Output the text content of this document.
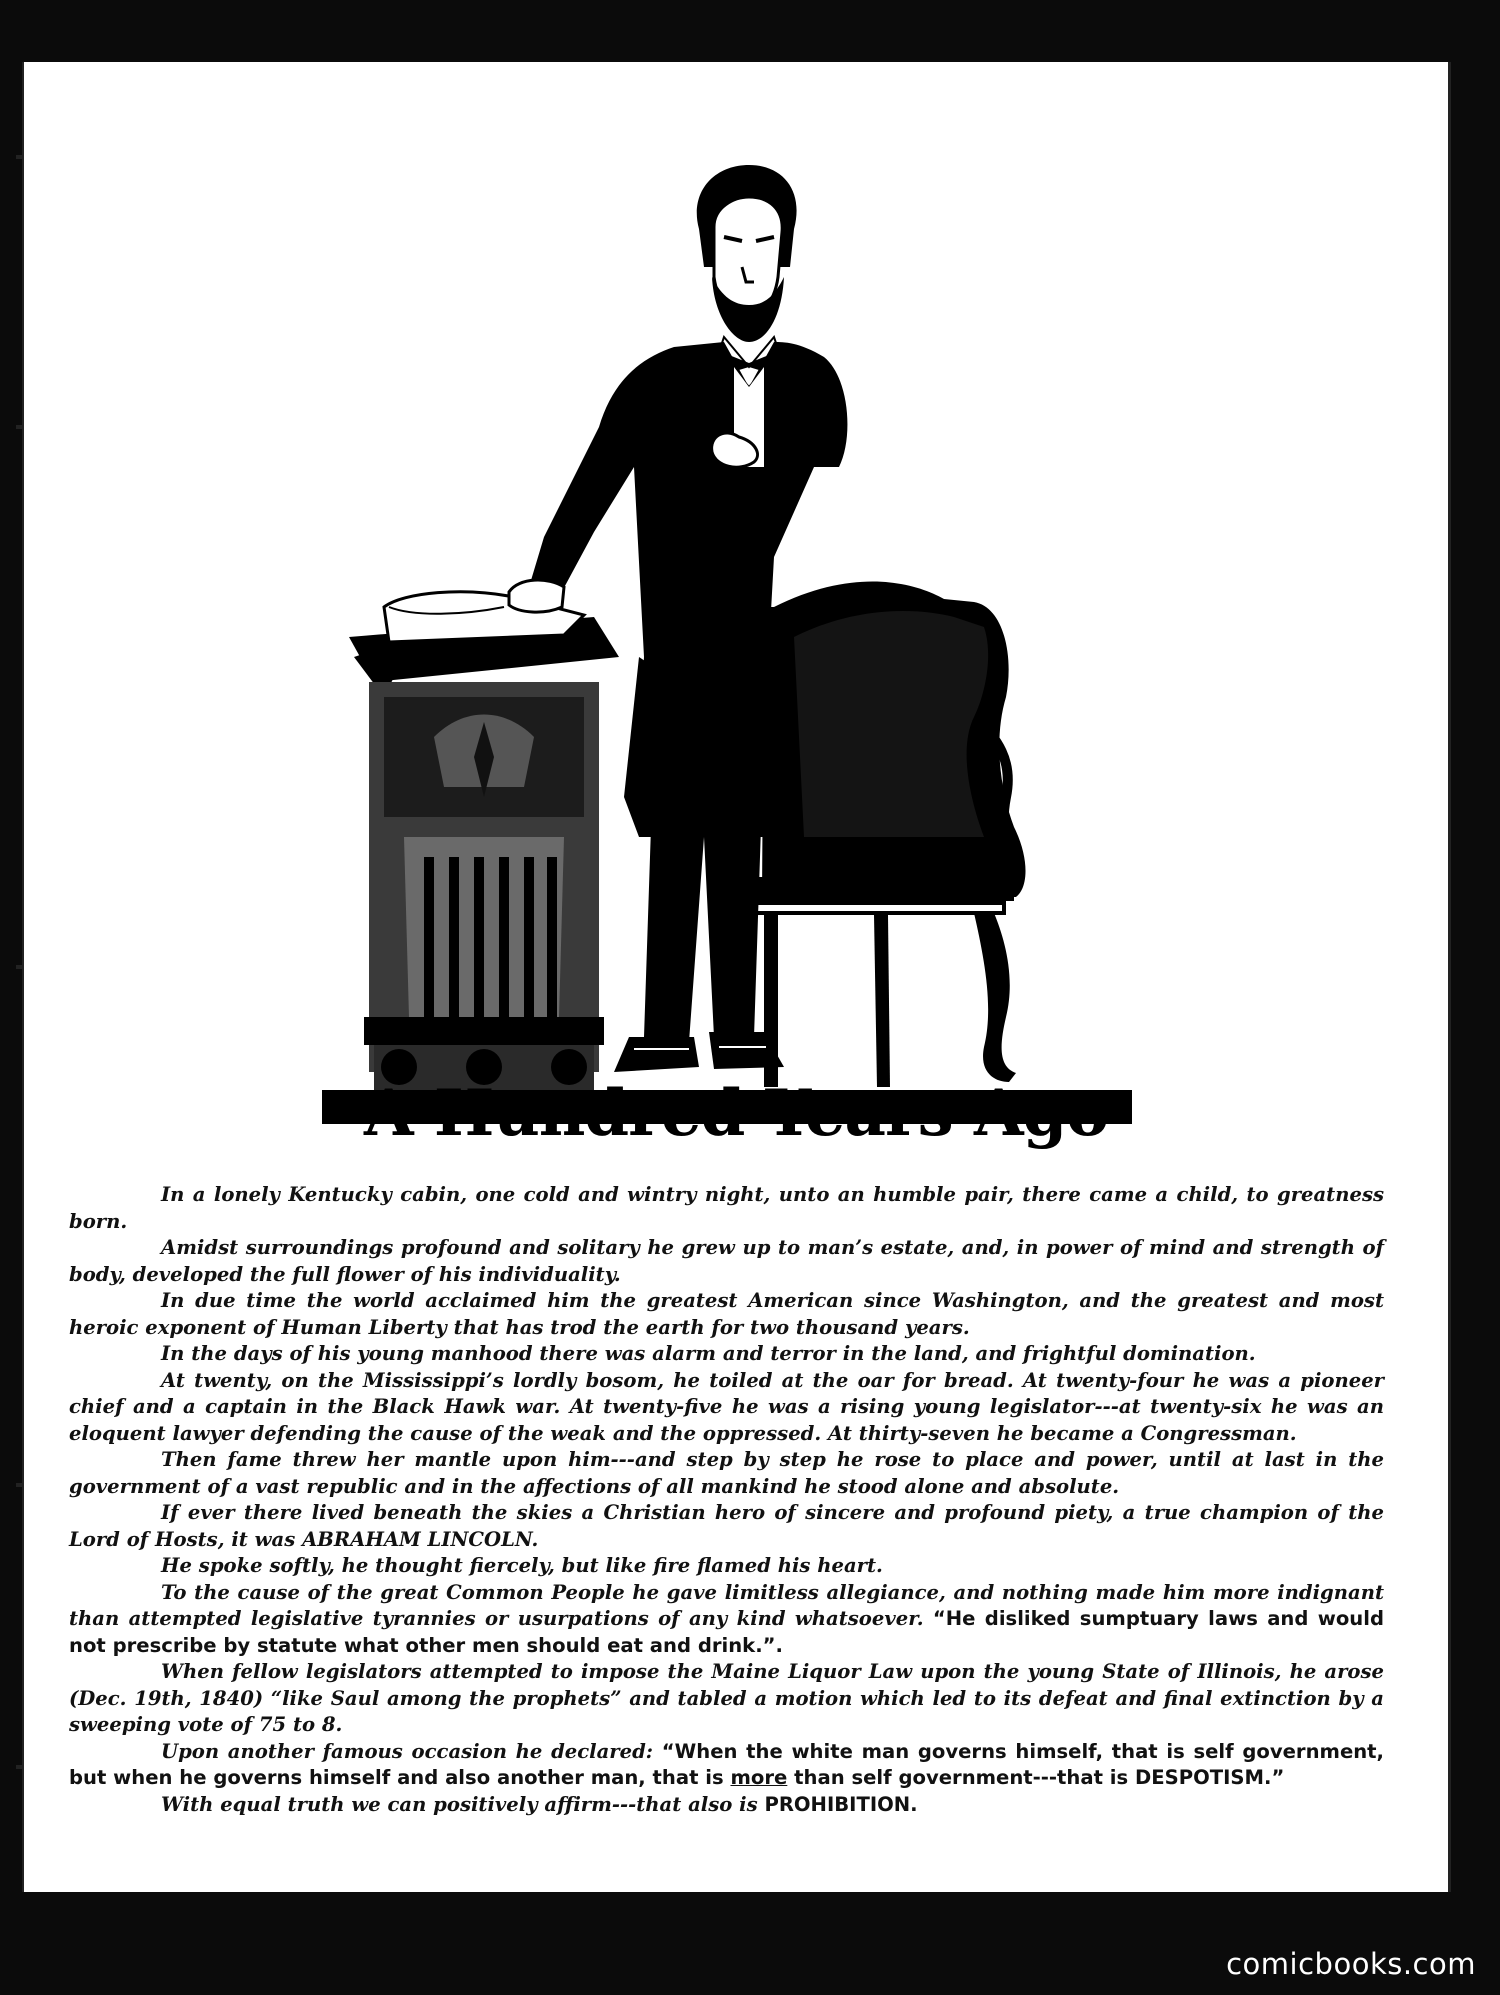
A Hundred Years Ago

In a lonely Kentucky cabin, one cold and wintry night, unto an humble pair, there came a child, to greatness born.

Amidst surroundings profound and solitary he grew up to man’s estate, and, in power of mind and strength of body, developed the full flower of his individuality.

In due time the world acclaimed him the greatest American since Washington, and the greatest and most heroic exponent of Human Liberty that has trod the earth for two thousand years.

In the days of his young manhood there was alarm and terror in the land, and frightful domination.

At twenty, on the Mississippi’s lordly bosom, he toiled at the oar for bread. At twenty-four he was a pioneer chief and a captain in the Black Hawk war. At twenty-five he was a rising young legislator---at twenty-six he was an eloquent lawyer defending the cause of the weak and the oppressed. At thirty-seven he became a Congressman.

Then fame threw her mantle upon him---and step by step he rose to place and power, until at last in the government of a vast republic and in the affections of all mankind he stood alone and absolute.

If ever there lived beneath the skies a Christian hero of sincere and profound piety, a true champion of the Lord of Hosts, it was ABRAHAM LINCOLN.

He spoke softly, he thought fiercely, but like fire flamed his heart.

To the cause of the great Common People he gave limitless allegiance, and nothing made him more indignant than attempted legislative tyrannies or usurpations of any kind whatsoever. “He disliked sumptuary laws and would not prescribe by statute what other men should eat and drink.”.

When fellow legislators attempted to impose the Maine Liquor Law upon the young State of Illinois, he arose (Dec. 19th, 1840) “like Saul among the prophets” and tabled a motion which led to its defeat and final extinction by a sweeping vote of 75 to 8.

Upon another famous occasion he declared: “When the white man governs himself, that is self government, but when he governs himself and also another man, that is more than self government---that is DESPOTISM.”

With equal truth we can positively affirm---that also is PROHIBITION.

comicbooks.com
